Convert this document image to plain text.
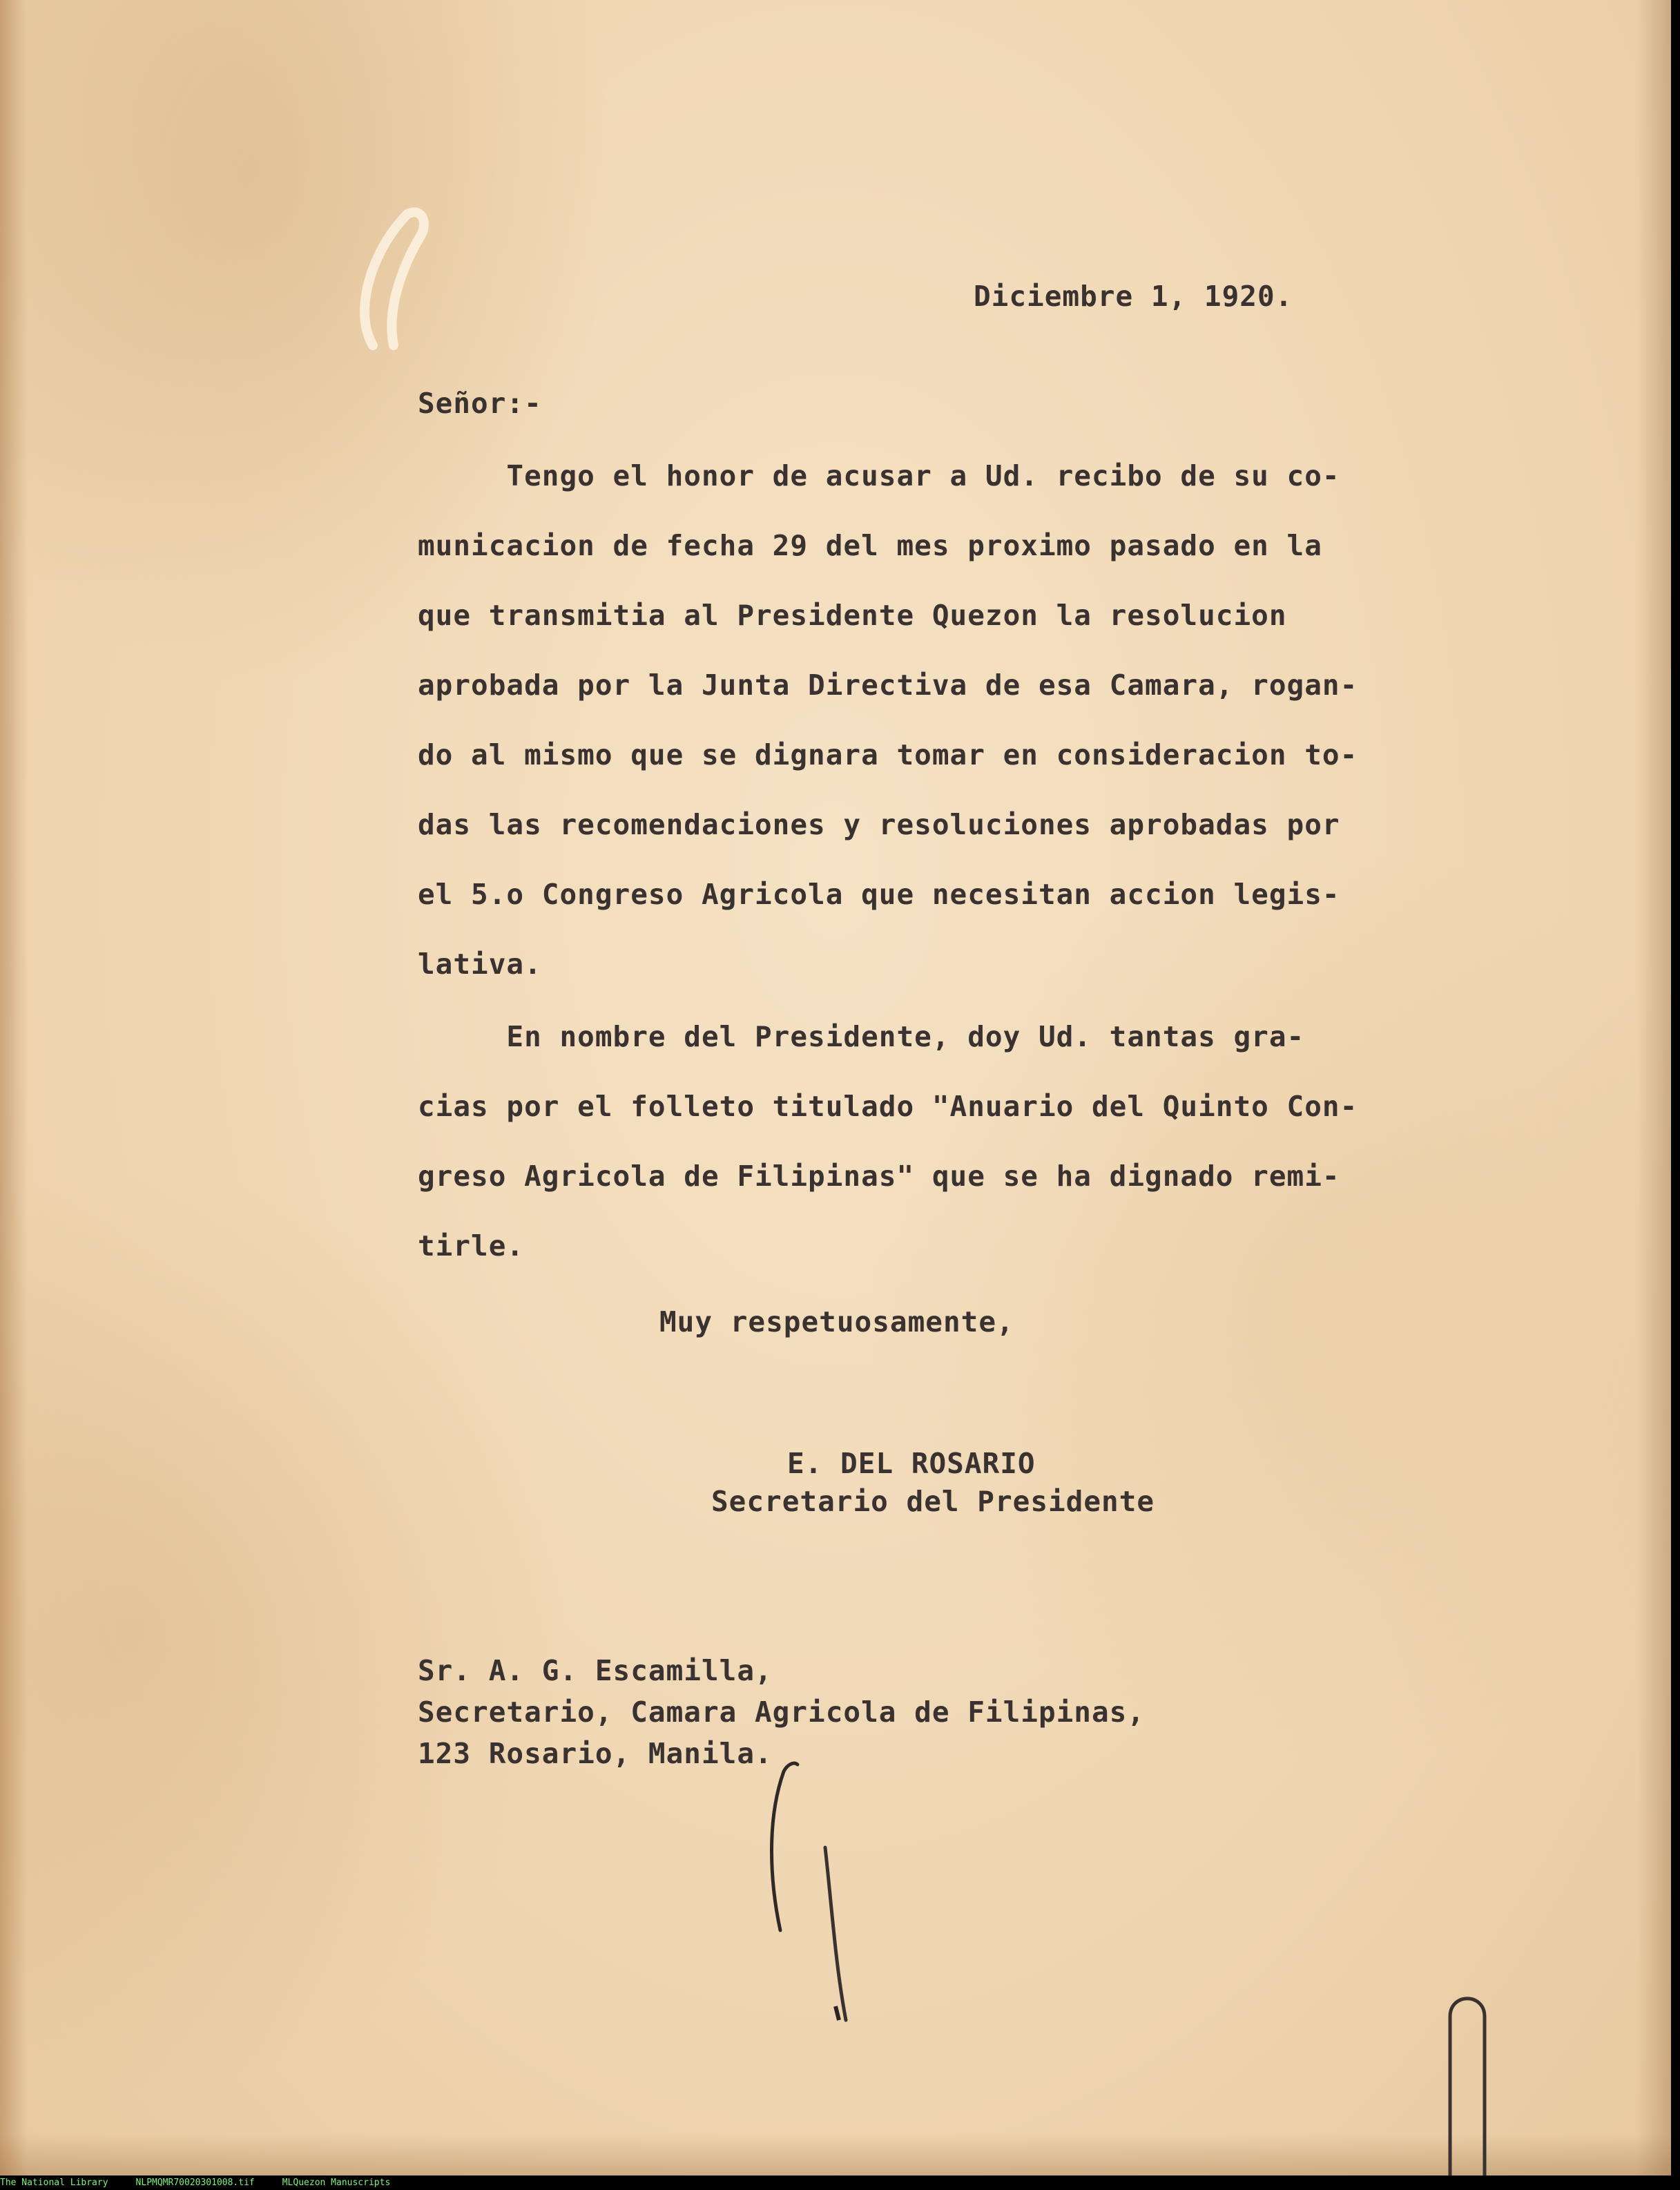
Diciembre 1, 1920.

Señor:-

Tengo el honor de acusar a Ud. recibo de su co-

municacion de fecha 29 del mes proximo pasado en la

que transmitia al Presidente Quezon la resolucion

aprobada por la Junta Directiva de esa Camara, rogan-

do al mismo que se dignara tomar en consideracion to-

das las recomendaciones y resoluciones aprobadas por

el 5.o Congreso Agricola que necesitan accion legis-

lativa.

En nombre del Presidente, doy Ud. tantas gra-

cias por el folleto titulado "Anuario del Quinto Con-

greso Agricola de Filipinas" que se ha dignado remi-

tirle.

Muy respetuosamente,

E. DEL ROSARIO

Secretario del Presidente

Sr. A. G. Escamilla,

Secretario, Camara Agricola de Filipinas,

123 Rosario, Manila.

The National Library	NLPMQMR70020301008.tif	MLQuezon Manuscripts
